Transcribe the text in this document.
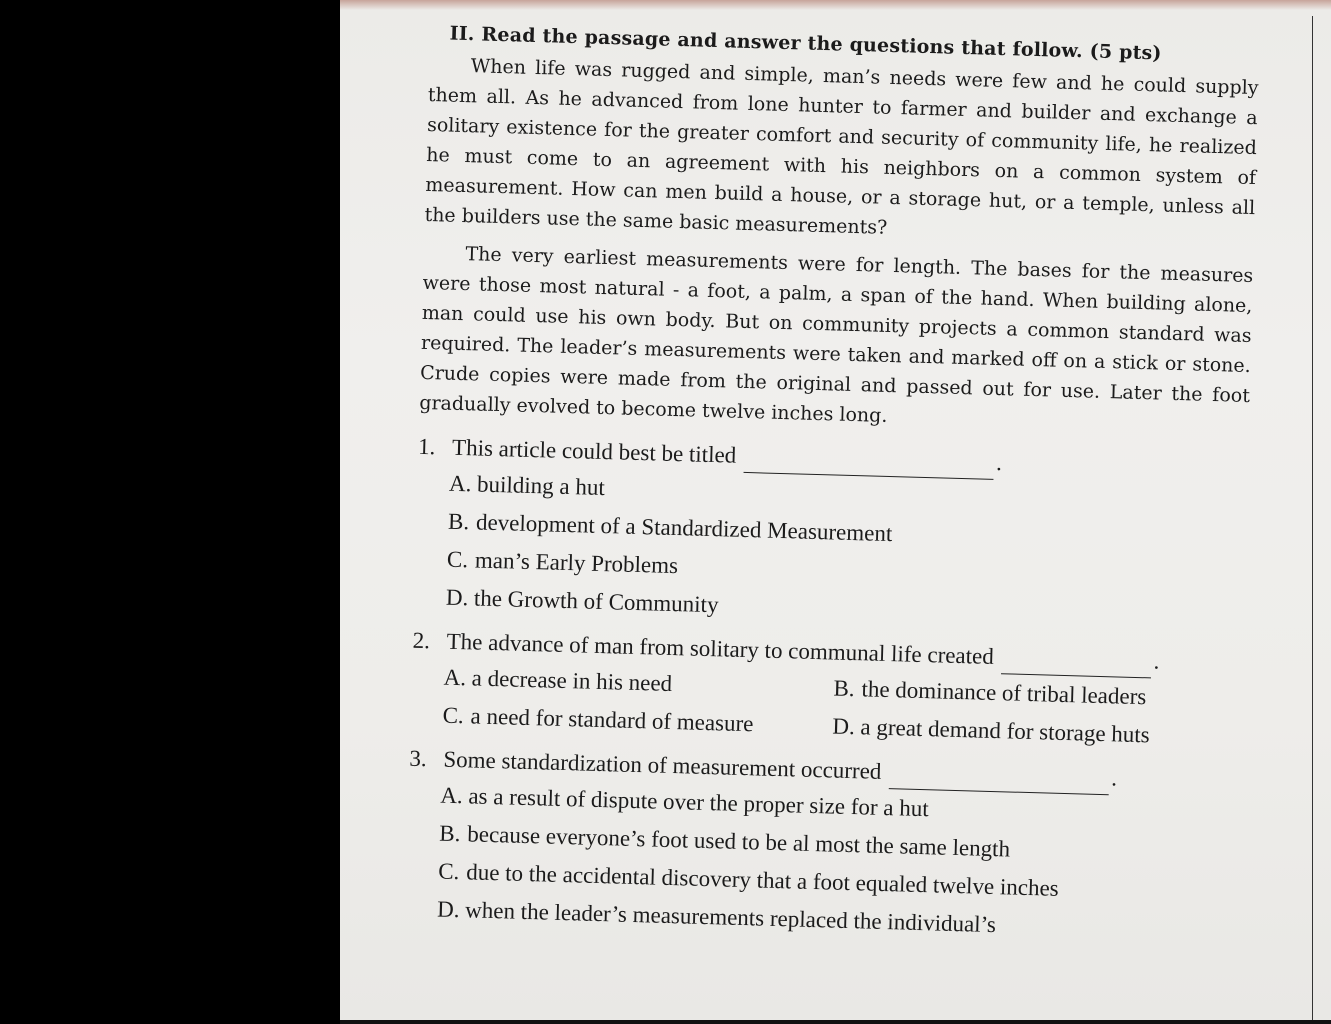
II. Read the passage and answer the questions that follow. (5 pts)

When life was rugged and simple, man’s needs were few and he could supply them all. As he advanced from lone hunter to farmer and builder and exchange a solitary existence for the greater comfort and security of community life, he realized he must come to an agreement with his neighbors on a common system of measurement. How can men build a house, or a storage hut, or a temple, unless all the builders use the same basic measurements?

The very earliest measurements were for length. The bases for the measures were those most natural - a foot, a palm, a span of the hand. When building alone, man could use his own body. But on community projects a common standard was required. The leader’s measurements were taken and marked off on a stick or stone. Crude copies were made from the original and passed out for use. Later the foot gradually evolved to become twelve inches long.

1. This article could best be titled	.
A. building a hut
B. development of a Standardized Measurement
C. man’s Early Problems
D. the Growth of Community
2. The advance of man from solitary to communal life created	.
A. a decrease in his need	B. the dominance of tribal leaders
C. a need for standard of measure	D. a great demand for storage huts
3. Some standardization of measurement occurred	.
A. as a result of dispute over the proper size for a hut
B. because everyone’s foot used to be al most the same length
C. due to the accidental discovery that a foot equaled twelve inches
D. when the leader’s measurements replaced the individual’s
